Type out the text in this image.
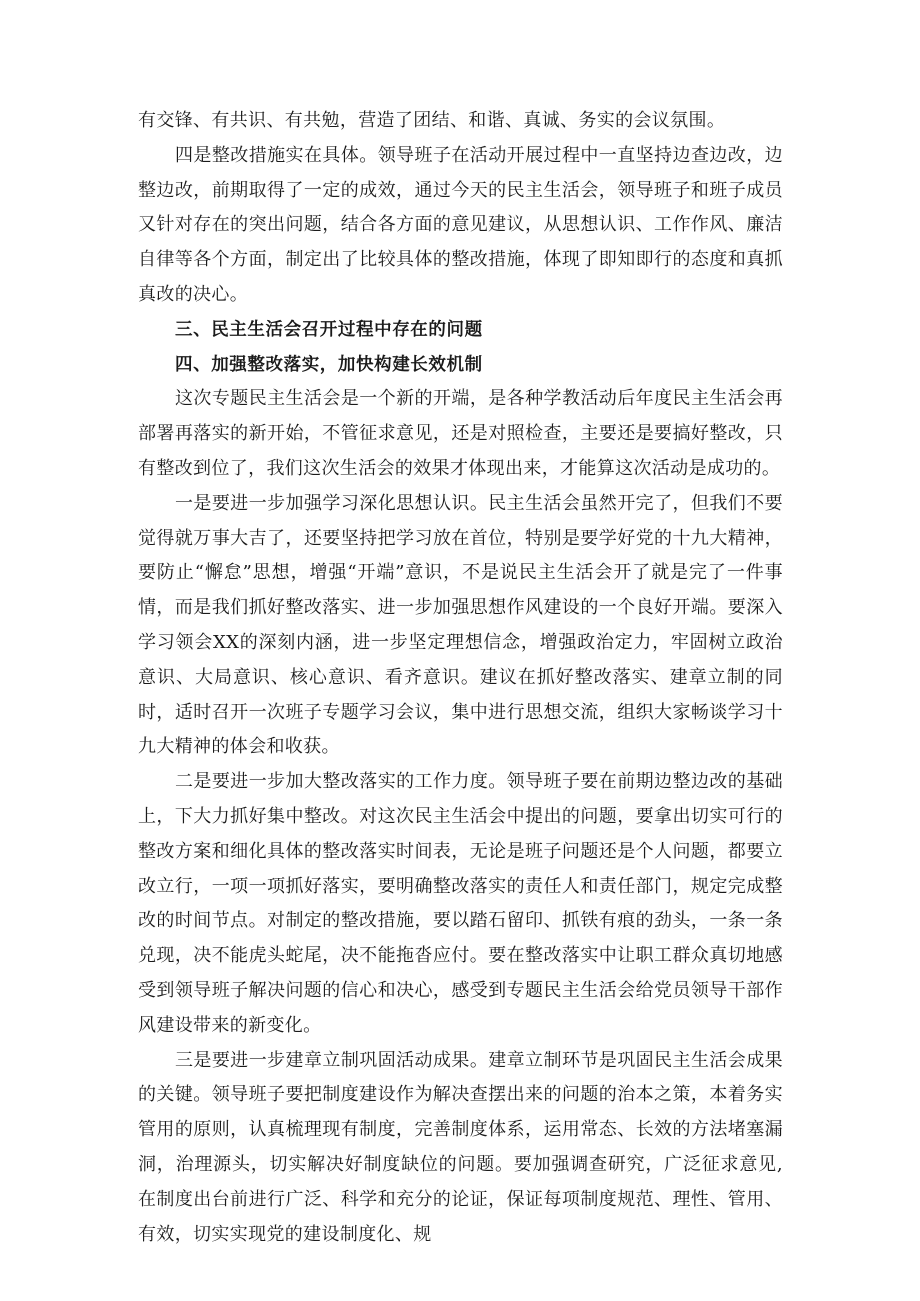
有交锋、有共识、有共勉，营造了团结、和谐、真诚、务实的会议氛围。

四是整改措施实在具体。领导班子在活动开展过程中一直坚持边查边改，边整边改，前期取得了一定的成效，通过今天的民主生活会，领导班子和班子成员又针对存在的突出问题，结合各方面的意见建议，从思想认识、工作作风、廉洁自律等各个方面，制定出了比较具体的整改措施，体现了即知即行的态度和真抓真改的决心。

三、民主生活会召开过程中存在的问题

四、加强整改落实，加快构建长效机制

这次专题民主生活会是一个新的开端，是各种学教活动后年度民主生活会再部署再落实的新开始，不管征求意见，还是对照检查，主要还是要搞好整改，只有整改到位了，我们这次生活会的效果才体现出来，才能算这次活动是成功的。

一是要进一步加强学习深化思想认识。民主生活会虽然开完了，但我们不要觉得就万事大吉了，还要坚持把学习放在首位，特别是要学好党的十九大精神，要防止“懈怠”思想，增强“开端”意识，不是说民主生活会开了就是完了一件事情，而是我们抓好整改落实、进一步加强思想作风建设的一个良好开端。要深入学习领会XX的深刻内涵，进一步坚定理想信念，增强政治定力，牢固树立政治意识、大局意识、核心意识、看齐意识。建议在抓好整改落实、建章立制的同时，适时召开一次班子专题学习会议，集中进行思想交流，组织大家畅谈学习十九大精神的体会和收获。

二是要进一步加大整改落实的工作力度。领导班子要在前期边整边改的基础上，下大力抓好集中整改。对这次民主生活会中提出的问题，要拿出切实可行的整改方案和细化具体的整改落实时间表，无论是班子问题还是个人问题，都要立改立行，一项一项抓好落实，要明确整改落实的责任人和责任部门，规定完成整改的时间节点。对制定的整改措施，要以踏石留印、抓铁有痕的劲头，一条一条兑现，决不能虎头蛇尾，决不能拖沓应付。要在整改落实中让职工群众真切地感受到领导班子解决问题的信心和决心，感受到专题民主生活会给党员领导干部作风建设带来的新变化。

三是要进一步建章立制巩固活动成果。建章立制环节是巩固民主生活会成果的关键。领导班子要把制度建设作为解决查摆出来的问题的治本之策，本着务实管用的原则，认真梳理现有制度，完善制度体系，运用常态、长效的方法堵塞漏洞，治理源头，切实解决好制度缺位的问题。要加强调查研究，广泛征求意见,在制度出台前进行广泛、科学和充分的论证，保证每项制度规范、理性、管用、有效，切实实现党的建设制度化、规
